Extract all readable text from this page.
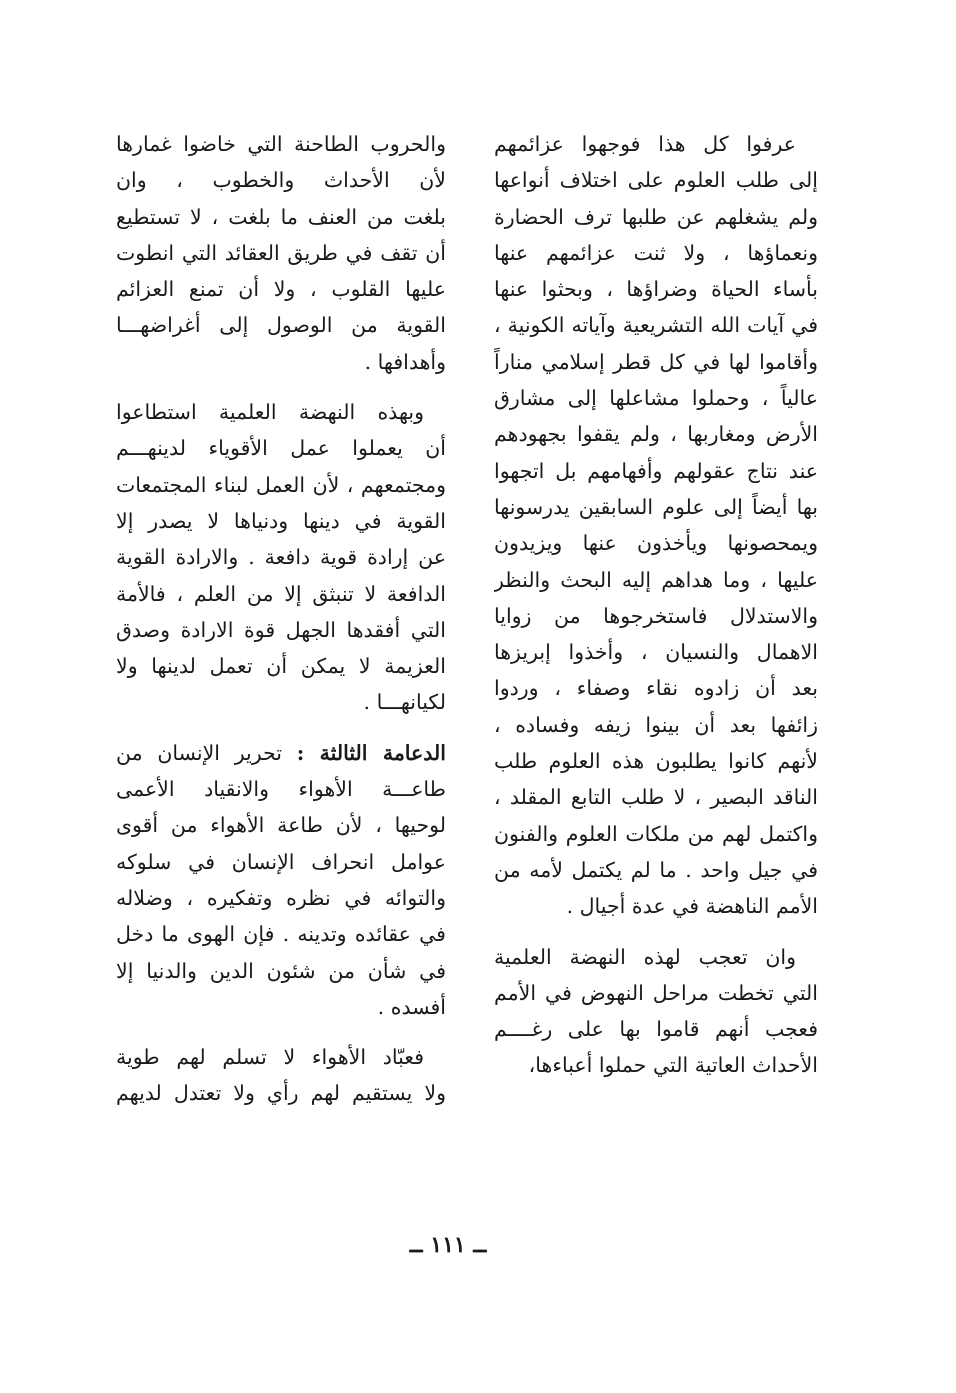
عرفوا كل هذا فوجهوا عزائمهم
إلى طلب العلوم على اختلاف أنواعها
ولم يشغلهم عن طلبها ترف الحضارة
ونعماؤها ، ولا ثنت عزائمهم عنها
بأساء الحياة وضراؤها ، وبحثوا عنها
في آيات الله التشريعية وآياته الكونية ،
وأقاموا لها في كل قطر إسلامي مناراً
عالياً ، وحملوا مشاعلها إلى مشارق
الأرض ومغاربها ، ولم يقفوا بجهودهم
عند نتاج عقولهم وأفهامهم بل اتجهوا
بها أيضاً إلى علوم السابقين يدرسونها
ويمحصونها ويأخذون عنها ويزيدون
عليها ، وما هداهم إليه البحث والنظر
والاستدلال فاستخرجوها من زوايا
الاهمال والنسيان ، وأخذوا إبريزها
بعد أن زادوه نقاء وصفاء ، وردوا
زائفها بعد أن بينوا زيفه وفساده ،
لأنهم كانوا يطلبون هذه العلوم طلب
الناقد البصير ، لا طلب التابع المقلد ،
واكتمل لهم من ملكات العلوم والفنون
في جيل واحد . ما لم يكتمل لأمه من
الأمم الناهضة في عدة أجيال .
وان تعجب لهذه النهضة العلمية
التي تخطت مراحل النهوض في الأمم
فعجب أنهم قاموا بها على رغــــم
الأحداث العاتية التي حملوا أعباءها،
والحروب الطاحنة التي خاضوا غمارها
لأن الأحداث والخطوب ، وان
بلغت من العنف ما بلغت ، لا تستطيع
أن تقف في طريق العقائد التي انطوت
عليها القلوب ، ولا أن تمنع العزائم
القوية من الوصول إلى أغراضهـــا
وأهدافها .
وبهذه النهضة العلمية استطاعوا
أن يعملوا عمل الأقوياء لدينهـــم
ومجتمعهم ، لأن العمل لبناء المجتمعات
القوية في دينها ودنياها لا يصدر إلا
عن إرادة قوية دافعة . والارادة القوية
الدافعة لا تنبثق إلا من العلم ، فالأمة
التي أفقدها الجهل قوة الارادة وصدق
العزيمة لا يمكن أن تعمل لدينها ولا
لكيانهـــا .
الدعامة الثالثة : تحرير الإنسان من
طاعـــة الأهواء والانقياد الأعمى
لوحيها ، لأن طاعة الأهواء من أقوى
عوامل انحراف الإنسان في سلوكه
والتوائه في نظره وتفكيره ، وضلاله
في عقائده وتدينه . فإن الهوى ما دخل
في شأن من شئون الدين والدنيا إلا
أفسده .
فعبّاد الأهواء لا تسلم لهم طوية
ولا يستقيم لهم رأي ولا تعتدل لديهم
ــ ١١١ ــ
